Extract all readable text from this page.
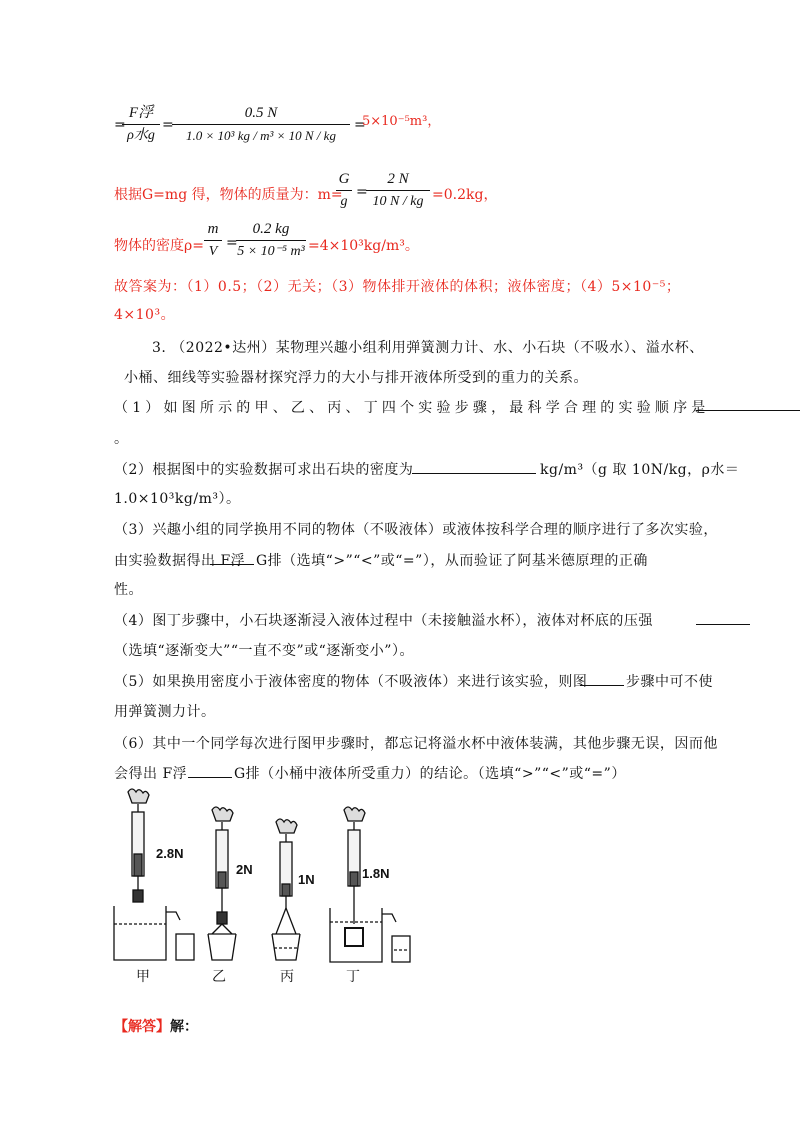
=
F浮
ρ水g
=
0.5 N
1.0 × 10³ kg / m³ × 10 N / kg
=
5×10⁻⁵m³，
根据G=mg 得，物体的质量为：m=
G
g
=
2 N
10 N / kg =0.2kg，
物体的密度ρ=
m
V
=
0.2 kg
5 × 10⁻⁵ m³ =4×10³kg/m³。
故答案为：（1）0.5；（2）无关；（3）物体排开液体的体积；液体密度；（4）5×10⁻⁵；
4×10³。
3. （2022•达州）某物理兴趣小组利用弹簧测力计、水、小石块（不吸水）、溢水杯、
小桶、细线等实验器材探究浮力的大小与排开液体所受到的重力的关系。
（1）如图所示的甲、乙、丙、丁四个实验步骤，最科学合理的实验顺序是
。
（2）根据图中的实验数据可求出石块的密度为	kg/m³（g 取 10N/kg，ρ水＝
1.0×10³kg/m³）。
（3）兴趣小组的同学换用不同的物体（不吸液体）或液体按科学合理的顺序进行了多次实验，
由实验数据得出 F浮 G排（选填“>”“<”或“=”），从而验证了阿基米德原理的正确
性。
（4）图丁步骤中，小石块逐渐浸入液体过程中（未接触溢水杯），液体对杯底的压强
（选填“逐渐变大”“一直不变”或“逐渐变小”）。
（5）如果换用密度小于液体密度的物体（不吸液体）来进行该实验，则图	步骤中可不使
用弹簧测力计。
（6）其中一个同学每次进行图甲步骤时，都忘记将溢水杯中液体装满，其他步骤无误，因而他
会得出 F浮	G排（小桶中液体所受重力）的结论。（选填“>”“<”或“=”）
2.8N
2N
1N	1.8N
甲	乙	丙	丁
【解答】解：
